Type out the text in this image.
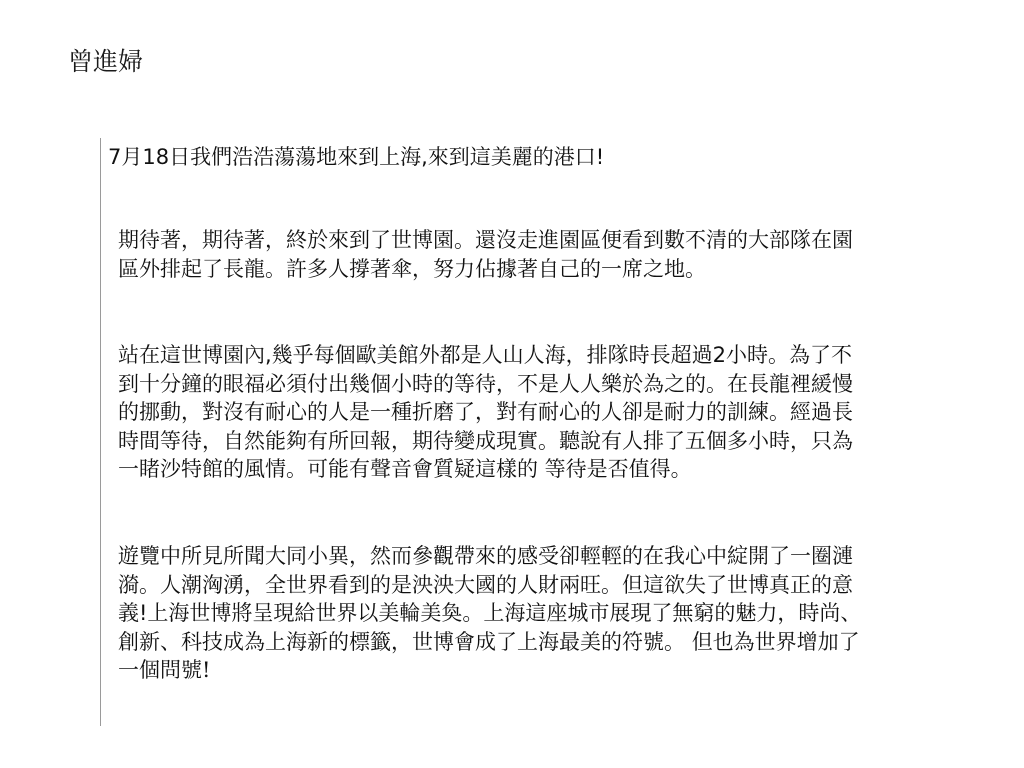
曾進婦
7月18日我們浩浩蕩蕩地來到上海,來到這美麗的港口!

期待著，期待著，終於來到了世博園。還沒走進園區便看到數不清的大部隊在園區外排起了長龍。許多人撐著傘，努力佔據著自己的一席之地。

站在這世博園內,幾乎每個歐美館外都是人山人海，排隊時長超過2小時。為了不到十分鐘的眼福必須付出幾個小時的等待，不是人人樂於為之的。在長龍裡緩慢的挪動，對沒有耐心的人是一種折磨了，對有耐心的人卻是耐力的訓練。經過長時間等待，自然能夠有所回報，期待變成現實。聽說有人排了五個多小時，只為一睹沙特館的風情。可能有聲音會質疑這樣的 等待是否值得。

遊覽中所見所聞大同小異，然而參觀帶來的感受卻輕輕的在我心中綻開了一圈漣漪。人潮洶湧，全世界看到的是泱泱大國的人財兩旺。但這欲失了世博真正的意義!上海世博將呈現給世界以美輪美奐。上海這座城市展現了無窮的魅力，時尚、創新、科技成為上海新的標籤，世博會成了上海最美的符號。 但也為世界增加了一個問號!
